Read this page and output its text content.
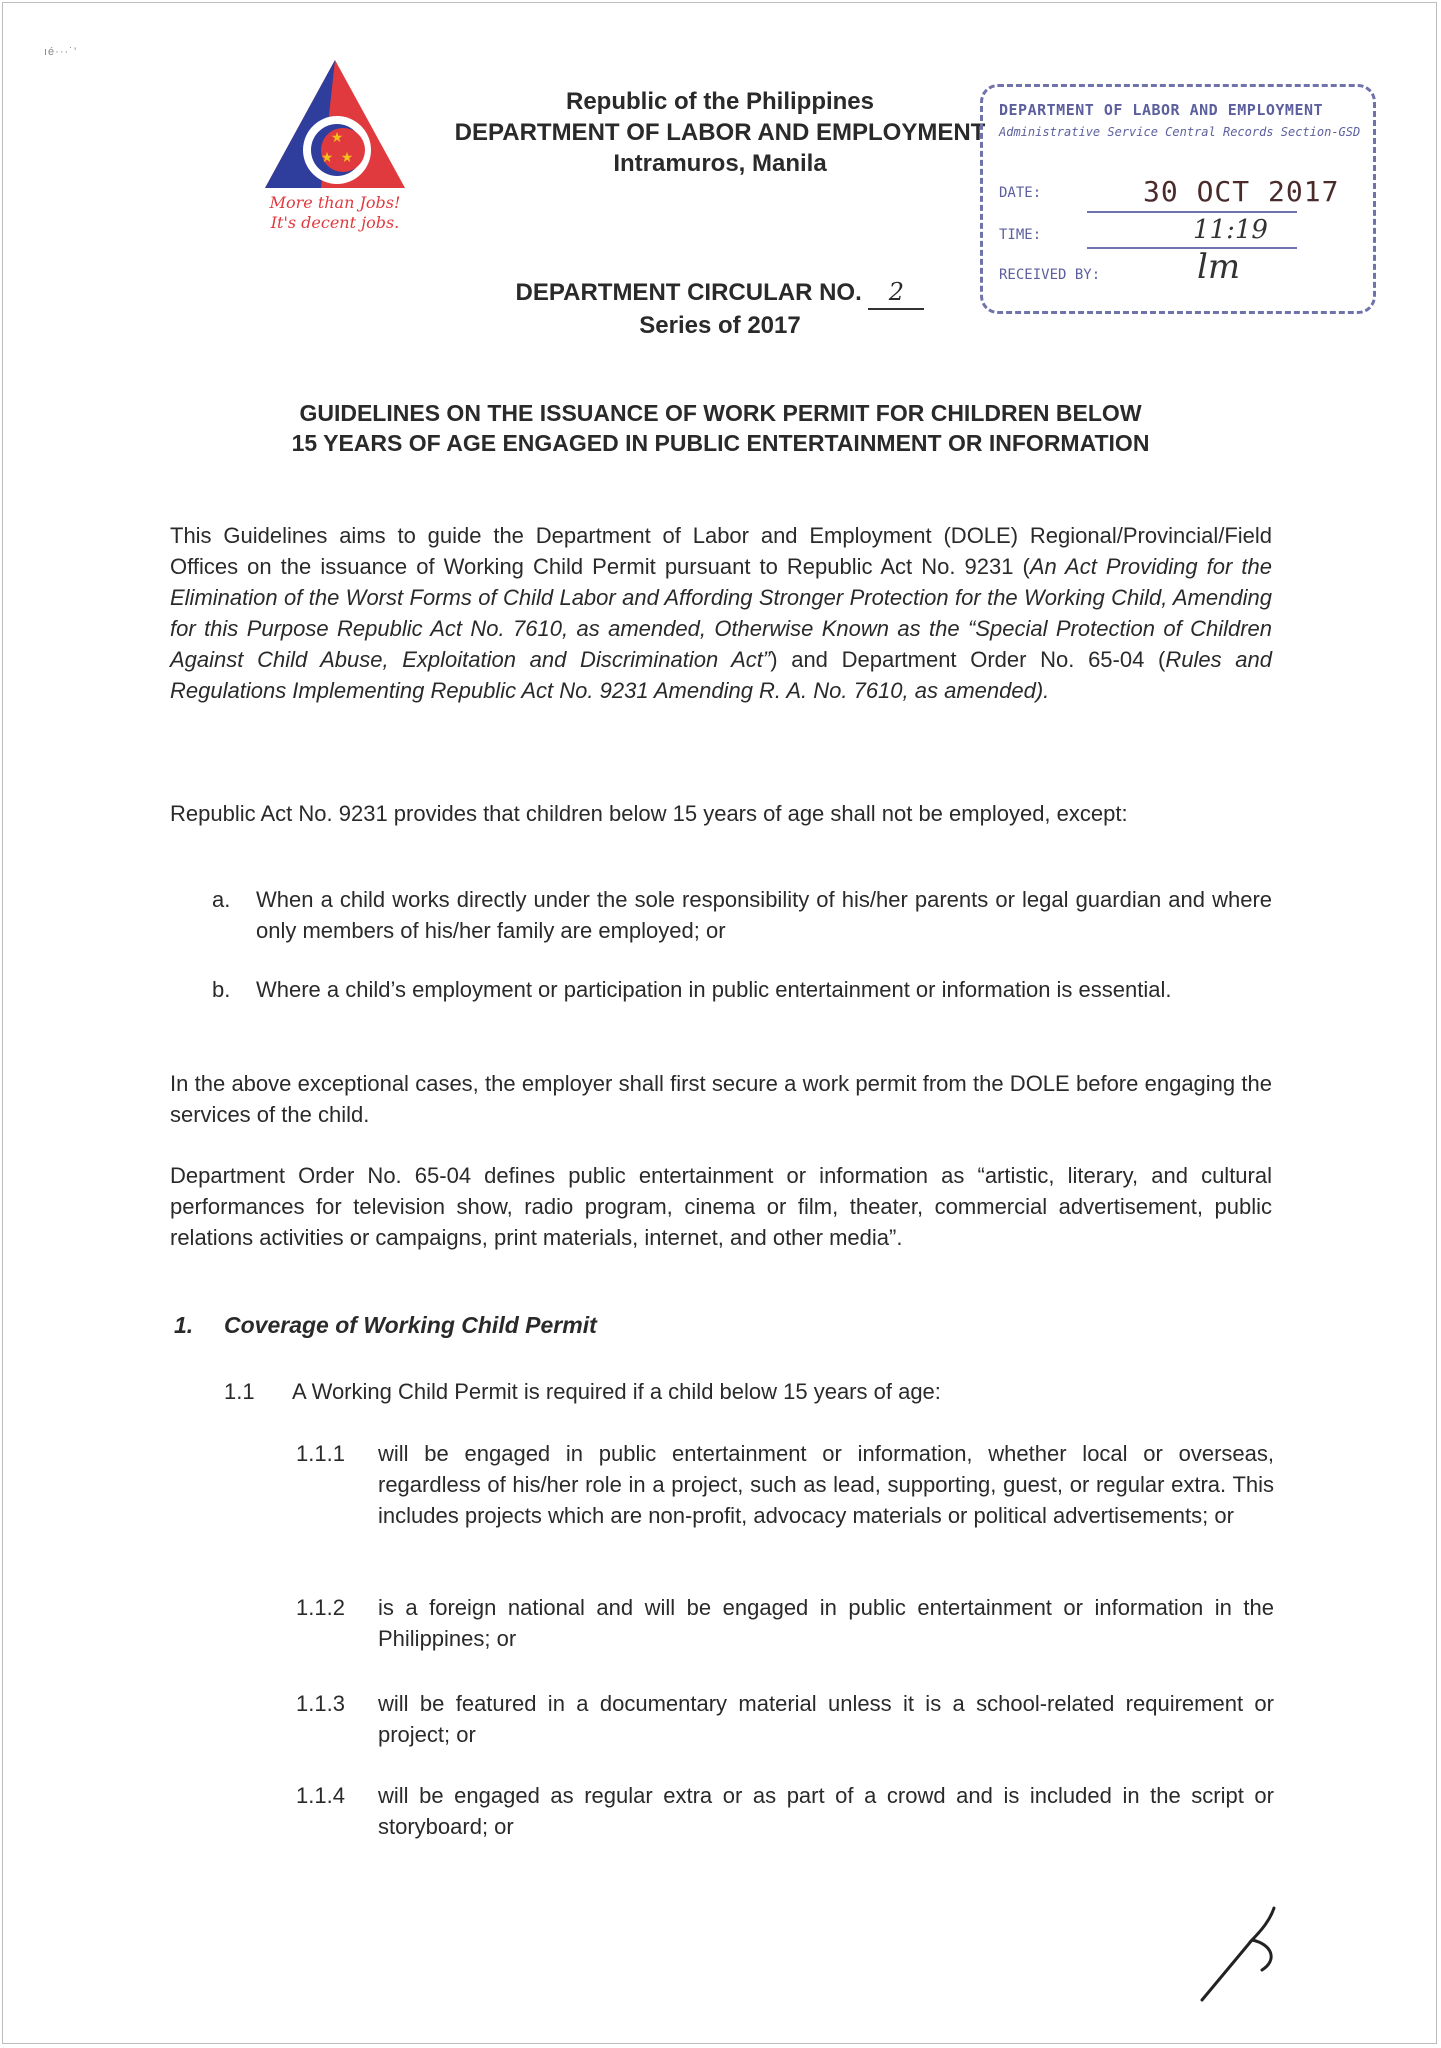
ıé···˙’
★
★ ★
More than Jobs!
It's decent jobs.
Republic of the Philippines
DEPARTMENT OF LABOR AND EMPLOYMENT
Intramuros, Manila
DEPARTMENT OF LABOR AND EMPLOYMENT
Administrative Service Central Records Section-GSD
DATE:	30 OCT 2017
TIME:	11:19
RECEIVED BY:	lm
DEPARTMENT CIRCULAR NO. 2
Series of 2017
GUIDELINES ON THE ISSUANCE OF WORK PERMIT FOR CHILDREN BELOW
15 YEARS OF AGE ENGAGED IN PUBLIC ENTERTAINMENT OR INFORMATION

This Guidelines aims to guide the Department of Labor and Employment (DOLE) Regional/Provincial/Field Offices on the issuance of Working Child Permit pursuant to Republic Act No. 9231 (An Act Providing for the Elimination of the Worst Forms of Child Labor and Affording Stronger Protection for the Working Child, Amending for this Purpose Republic Act No. 7610, as amended, Otherwise Known as the “Special Protection of Children Against Child Abuse, Exploitation and Discrimination Act”) and Department Order No. 65-04 (Rules and Regulations Implementing Republic Act No. 9231 Amending R. A. No. 7610, as amended).

Republic Act No. 9231 provides that children below 15 years of age shall not be employed, except:

a. When a child works directly under the sole responsibility of his/her parents or legal guardian and where only members of his/her family are employed; or
b. Where a child’s employment or participation in public entertainment or information is essential.

In the above exceptional cases, the employer shall first secure a work permit from the DOLE before engaging the services of the child.

Department Order No. 65-04 defines public entertainment or information as “artistic, literary, and cultural performances for television show, radio program, cinema or film, theater, commercial advertisement, public relations activities or campaigns, print materials, internet, and other media”.

1. Coverage of Working Child Permit
1.1 A Working Child Permit is required if a child below 15 years of age:
1.1.1 will be engaged in public entertainment or information, whether local or overseas, regardless of his/her role in a project, such as lead, supporting, guest, or regular extra. This includes projects which are non-profit, advocacy materials or political advertisements; or
1.1.2 is a foreign national and will be engaged in public entertainment or information in the Philippines; or
1.1.3 will be featured in a documentary material unless it is a school-related requirement or project; or
1.1.4 will be engaged as regular extra or as part of a crowd and is included in the script or storyboard; or
